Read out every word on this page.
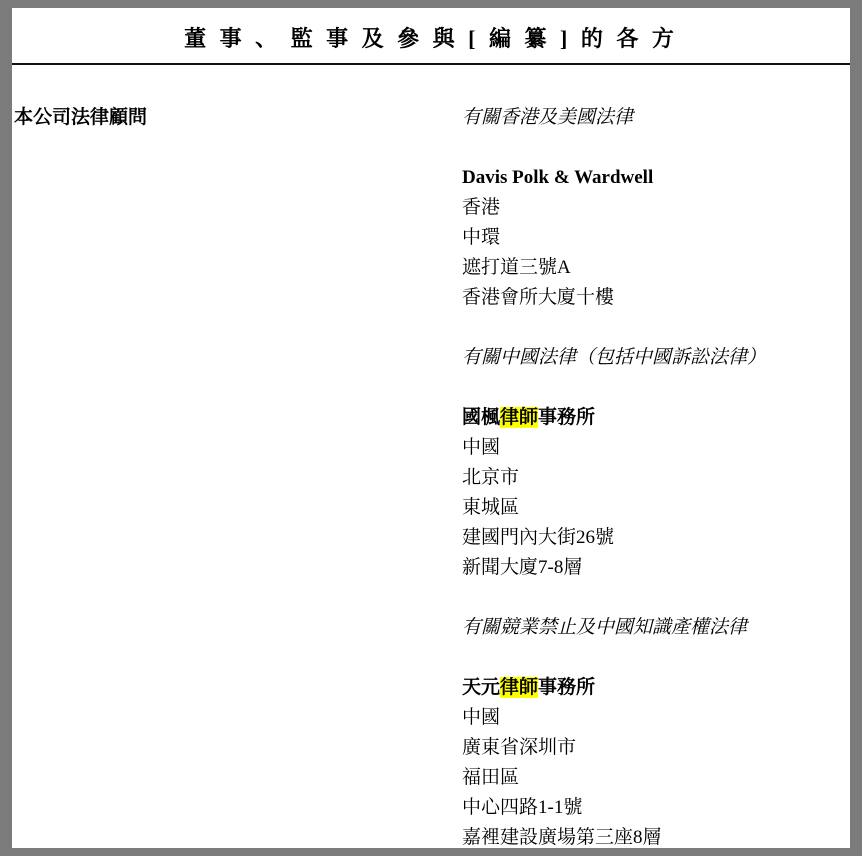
董 事 、 監 事 及 參 與 [ 編 纂 ] 的 各 方
本公司法律顧問	有關香港及美國法律
Davis Polk & Wardwell
香港
中環
遮打道三號A
香港會所大廈十樓
有關中國法律（包括中國訴訟法律）
國楓律師事務所
中國
北京市
東城區
建國門內大街26號
新聞大廈7-8層
有關競業禁止及中國知識產權法律
天元律師事務所
中國
廣東省深圳市
福田區
中心四路1-1號
嘉裡建設廣場第三座8層
